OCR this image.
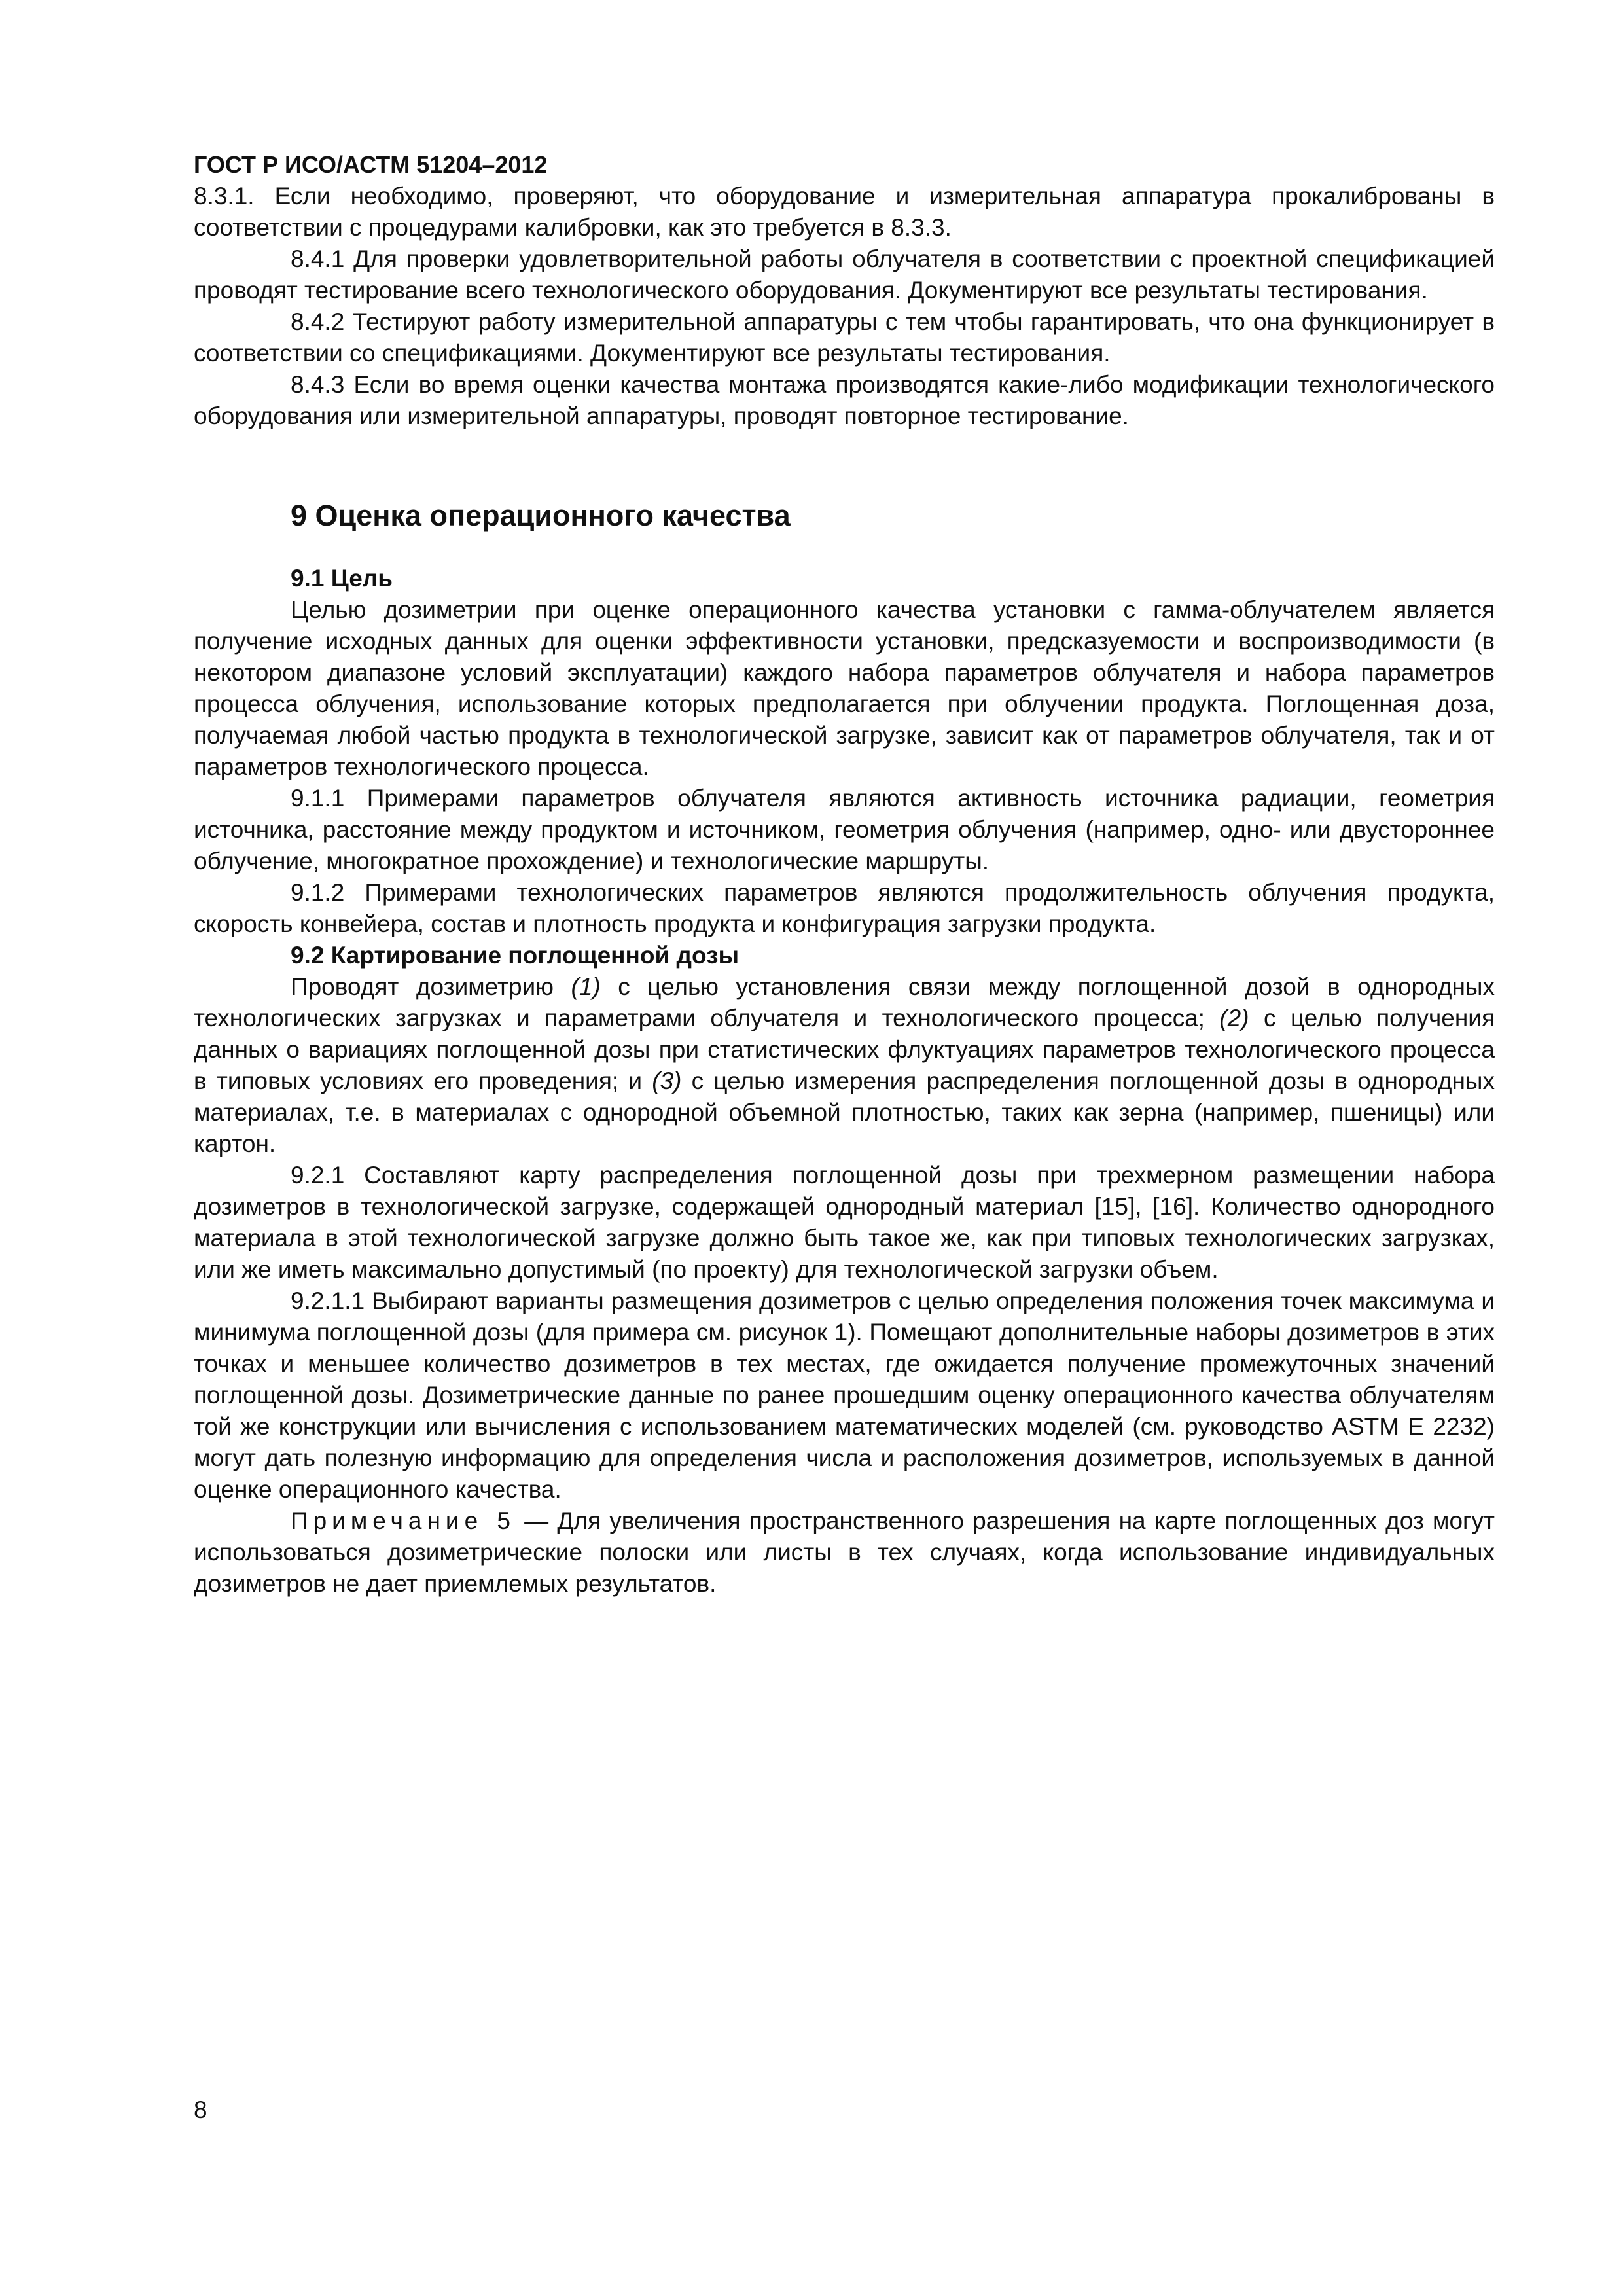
ГОСТ Р ИСО/АСТМ 51204–2012

8.3.1. Если необходимо, проверяют, что оборудование и измерительная аппаратура прокалиброваны в соответствии с процедурами калибровки, как это требуется в 8.3.3.

8.4.1 Для проверки удовлетворительной работы облучателя в соответствии с проектной спецификацией проводят тестирование всего технологического оборудования. Документируют все результаты тестирования.

8.4.2 Тестируют работу измерительной аппаратуры с тем чтобы гарантировать, что она функционирует в соответствии со спецификациями. Документируют все результаты тестирования.

8.4.3 Если во время оценки качества монтажа производятся какие-либо модификации технологического оборудования или измерительной аппаратуры, проводят повторное тестирование.

9 Оценка операционного качества
9.1 Цель

Целью дозиметрии при оценке операционного качества установки с гамма-облучателем является получение исходных данных для оценки эффективности установки, предсказуемости и воспроизводимости (в некотором диапазоне условий эксплуатации) каждого набора параметров облучателя и набора параметров процесса облучения, использование которых предполагается при облучении продукта. Поглощенная доза, получаемая любой частью продукта в технологической загрузке, зависит как от параметров облучателя, так и от параметров технологического процесса.

9.1.1 Примерами параметров облучателя являются активность источника радиации, геометрия источника, расстояние между продуктом и источником, геометрия облучения (например, одно- или двустороннее облучение, многократное прохождение) и технологические маршруты.

9.1.2 Примерами технологических параметров являются продолжительность облучения продукта, скорость конвейера, состав и плотность продукта и конфигурация загрузки продукта.

9.2 Картирование поглощенной дозы

Проводят дозиметрию (1) с целью установления связи между поглощенной дозой в однородных технологических загрузках и параметрами облучателя и технологического процесса; (2) с целью получения данных о вариациях поглощенной дозы при статистических флуктуациях параметров технологического процесса в типовых условиях его проведения; и (3) с целью измерения распределения поглощенной дозы в однородных материалах, т.е. в материалах с однородной объемной плотностью, таких как зерна (например, пшеницы) или картон.

9.2.1 Составляют карту распределения поглощенной дозы при трехмерном размещении набора дозиметров в технологической загрузке, содержащей однородный материал [15], [16]. Количество однородного материала в этой технологической загрузке должно быть такое же, как при типовых технологических загрузках, или же иметь максимально допустимый (по проекту) для технологической загрузки объем.

9.2.1.1 Выбирают варианты размещения дозиметров с целью определения положения точек максимума и минимума поглощенной дозы (для примера см. рисунок 1). Помещают дополнительные наборы дозиметров в этих точках и меньшее количество дозиметров в тех местах, где ожидается получение промежуточных значений поглощенной дозы. Дозиметрические данные по ранее прошедшим оценку операционного качества облучателям той же конструкции или вычисления с использованием математических моделей (см. руководство ASTM E 2232) могут дать полезную информацию для определения числа и расположения дозиметров, используемых в данной оценке операционного качества.

Примечание 5 — Для увеличения пространственного разрешения на карте поглощенных доз могут использоваться дозиметрические полоски или листы в тех случаях, когда использование индивидуальных дозиметров не дает приемлемых результатов.

8
